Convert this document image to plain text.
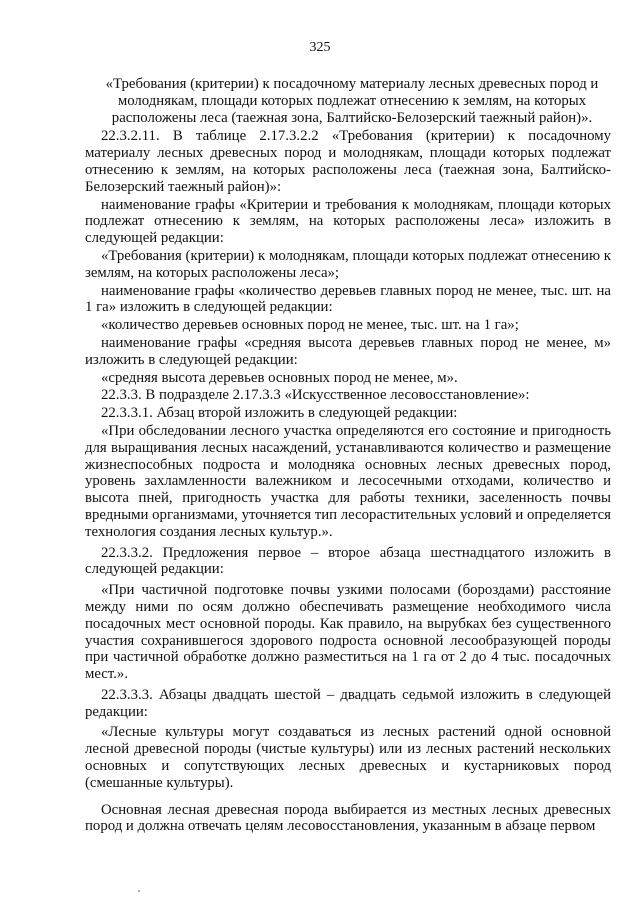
325

«Требования (критерии) к посадочному материалу лесных древесных пород и молоднякам, площади которых подлежат отнесению к землям, на которых расположены леса (таежная зона, Балтийско-Белозерский таежный район)».

22.3.2.11. В таблице 2.17.3.2.2 «Требования (критерии) к посадочному материалу лесных древесных пород и молоднякам, площади которых подлежат отнесению к землям, на которых расположены леса (таежная зона, Балтийско-Белозерский таежный район)»:

наименование графы «Критерии и требования к молоднякам, площади которых подлежат отнесению к землям, на которых расположены леса» изложить в следующей редакции:

«Требования (критерии) к молоднякам, площади которых подлежат отнесению к землям, на которых расположены леса»;

наименование графы «количество деревьев главных пород не менее, тыс. шт. на 1 га» изложить в следующей редакции:

«количество деревьев основных пород не менее, тыс. шт. на 1 га»;

наименование графы «средняя высота деревьев главных пород не менее, м» изложить в следующей редакции:

«средняя высота деревьев основных пород не менее, м».

22.3.3. В подразделе 2.17.3.3 «Искусственное лесовосстановление»:

22.3.3.1. Абзац второй изложить в следующей редакции:

«При обследовании лесного участка определяются его состояние и пригодность для выращивания лесных насаждений, устанавливаются количество и размещение жизнеспособных подроста и молодняка основных лесных древесных пород, уровень захламленности валежником и лесосечными отходами, количество и высота пней, пригодность участка для работы техники, заселенность почвы вредными организмами, уточняется тип лесорастительных условий и определяется технология создания лесных культур.».

22.3.3.2. Предложения первое – второе абзаца шестнадцатого изложить в следующей редакции:

«При частичной подготовке почвы узкими полосами (бороздами) расстояние между ними по осям должно обеспечивать размещение необходимого числа посадочных мест основной породы. Как правило, на вырубках без существенного участия сохранившегося здорового подроста основной лесообразующей породы при частичной обработке должно разместиться на 1 га от 2 до 4 тыс. посадочных мест.».

22.3.3.3. Абзацы двадцать шестой – двадцать седьмой изложить в следующей редакции:

«Лесные культуры могут создаваться из лесных растений одной основной лесной древесной породы (чистые культуры) или из лесных растений нескольких основных и сопутствующих лесных древесных и кустарниковых пород (смешанные культуры).

Основная лесная древесная порода выбирается из местных лесных древесных пород и должна отвечать целям лесовосстановления, указанным в абзаце первом
